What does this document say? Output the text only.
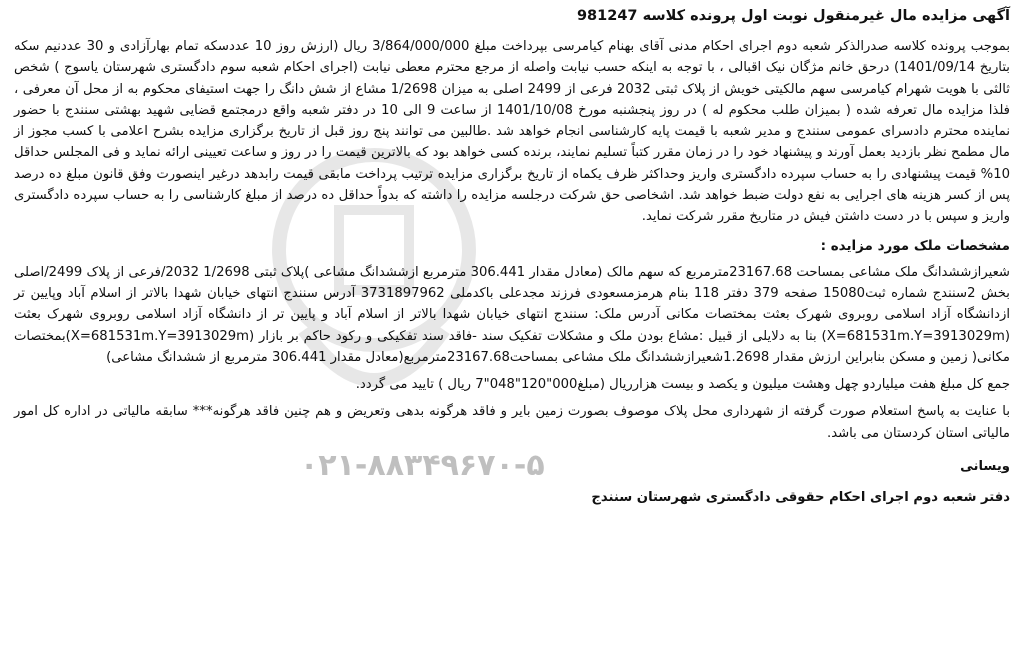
۰۲۱-۸۸۳۴۹۶۷۰-۵
آگهی مزایده مال غیرمنقول نوبت اول پرونده کلاسه 981247

بموجب پرونده کلاسه صدرالذکر شعبه دوم اجرای احکام مدنی آقای بهنام کیامرسی بپرداخت مبلغ 3/864/000/000 ریال (ارزش روز 10 عددسکه تمام بهارآزادی و 30 عددنیم سکه بتاریخ 1401/09/14) درحق خانم مژگان نیک اقبالی ، با توجه به اینکه حسب نیابت واصله از مرجع محترم معطی نیابت (اجرای احکام شعبه سوم دادگستری شهرستان یاسوج ) شخص ثالثی با هویت شهرام کیامرسی سهم مالکیتی خویش از پلاک ثبتی 2032 فرعی از 2499 اصلی به میزان 1/2698 مشاع از شش دانگ را جهت استیفای محکوم به از محل آن معرفی ، فلذا مزایده مال تعرفه شده ( بمیزان طلب محکوم له ) در روز پنجشنبه مورخ 1401/10/08 از ساعت 9 الی 10 در دفتر شعبه واقع درمجتمع قضایی شهید بهشتی سنندج با حضور نماینده محترم دادسرای عمومی سنندج و مدیر شعبه با قیمت پایه کارشناسی انجام خواهد شد .طالبین می توانند پنج روز قبل از تاریخ برگزاری مزایده بشرح اعلامی با کسب مجوز از مال مطمح نظر بازدید بعمل آورند و پیشنهاد خود را در زمان مقرر کتباً تسلیم نمایند، برنده کسی خواهد بود که بالاترین قیمت را در روز و ساعت تعیینی ارائه نماید و فی المجلس حداقل 10% قیمت پیشنهادی را به حساب سپرده دادگستری واریز وحداکثر ظرف یکماه از تاریخ برگزاری مزایده ترتیب پرداخت مابقی قیمت رابدهد درغیر اینصورت وفق قانون مبلغ ده درصد پس از کسر هزینه های اجرایی به نفع دولت ضبط خواهد شد. اشخاصی حق شرکت درجلسه مزایده را داشته که بدواً حداقل ده درصد از مبلغ کارشناسی را به حساب سپرده دادگستری واریز و سپس با در دست داشتن فیش در متاریخ مقرر شرکت نماید.

مشخصات ملک مورد مزایده :

شعیرازششدانگ ملک مشاعی بمساحت 23167.68مترمربع که سهم مالک (معادل مقدار 306.441 مترمربع ازششدانگ مشاعی )پلاک ثبتی 1/2698 2032/فرعی از پلاک 2499/اصلی بخش 2سنندج شماره ثبت15080 صفحه 379 دفتر 118 بنام هرمزمسعودی فرزند مجدعلی باکدملی 3731897962 آدرس سنندج انتهای خیابان شهدا بالاتر از اسلام آباد وپایین تر ازدانشگاه آزاد اسلامی روبروی شهرک بعثت بمختصات مکانی آدرس ملک: سنندج انتهای خیابان شهدا بالاتر از اسلام آباد و پایین تر از دانشگاه آزاد اسلامی روبروی شهرک بعثت (X=681531m.Y=3913029m) بنا به دلایلی از قبیل :مشاع بودن ملک و مشکلات تفکیک سند -فاقد سند تفکیکی و رکود حاکم بر بازار (X=681531m.Y=3913029m)بمختصات مکانی( زمین و مسکن بنابراین ارزش مقدار 1.2698شعیرازششدانگ ملک مشاعی بمساحت23167.68مترمربع(معادل مقدار 306.441 مترمربع از ششدانگ مشاعی)

جمع کل مبلغ هفت میلیاردو چهل وهشت میلیون و یکصد و بیست هزارریال (مبلغ000"120"048"7 ریال ) تایید می گردد.

با عنایت به پاسخ استعلام صورت گرفته از شهرداری محل پلاک موصوف بصورت زمین بایر و فاقد هرگونه بدهی وتعریض و هم چنین فاقد هرگونه*** سابقه مالیاتی در اداره کل امور مالیاتی استان کردستان می باشد.

ویسانی
دفتر شعبه دوم اجرای احکام حقوقی دادگستری شهرستان سنندج
